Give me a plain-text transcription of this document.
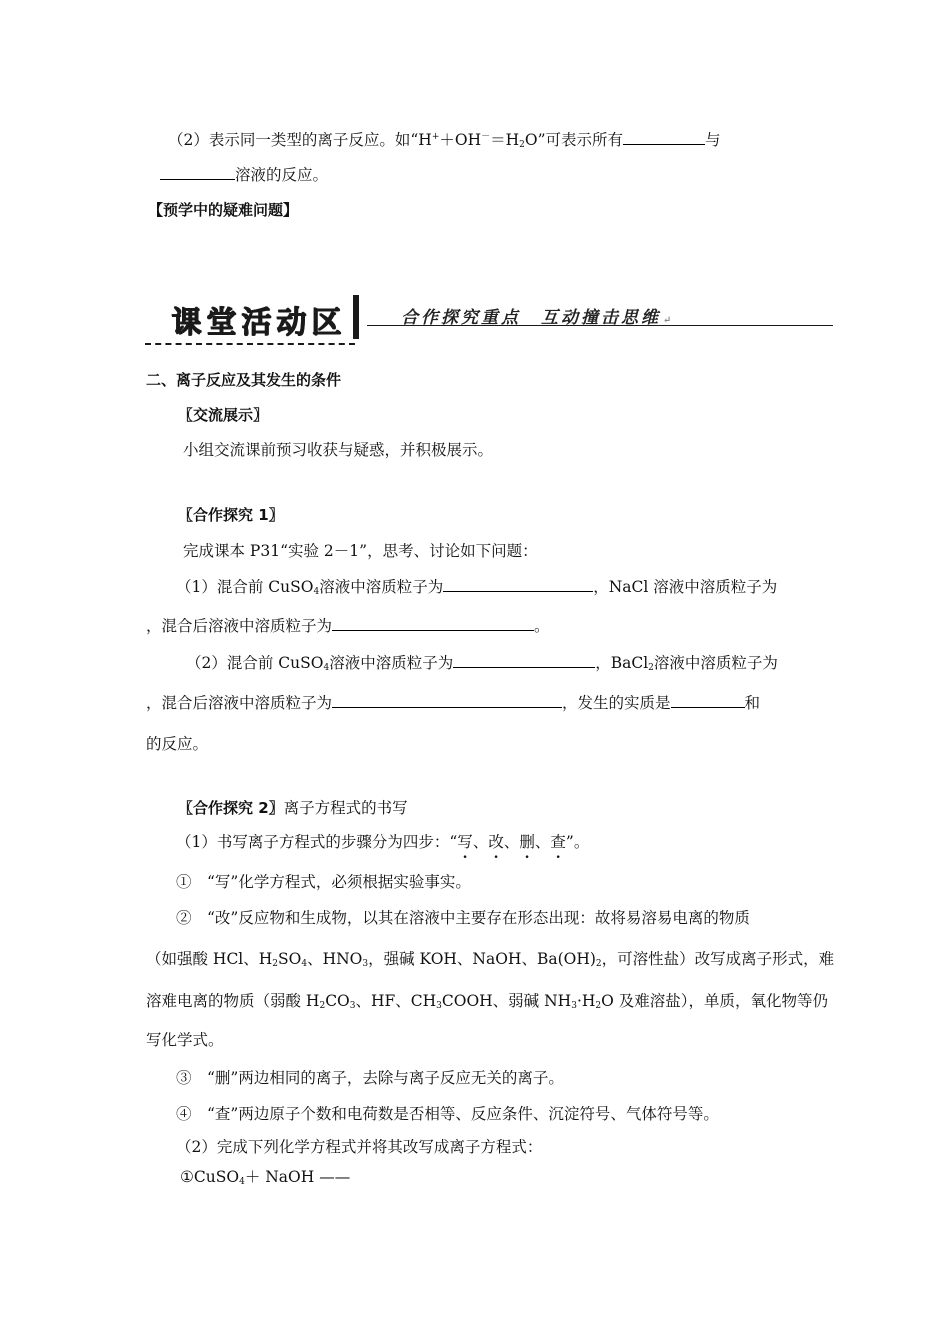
（2）表示同一类型的离子反应。如“$H^++OH^-=H_2O$”可表示所有	与
溶液的反应。
【预学中的疑难问题】
课堂活动区	合作探究重点　互动撞击思维 ↵
二、离子反应及其发生的条件
〖交流展示〗
小组交流课前预习收获与疑惑，并积极展示。
〖合作探究 1〗
完成课本 P31“实验 2－1”，思考、讨论如下问题：
（1）混合前 CuSO$_4$溶液中溶质粒子为	，NaCl 溶液中溶质粒子为
，混合后溶液中溶质粒子为	。
（2）混合前 CuSO$_4$溶液中溶质粒子为	，BaCl$_2$溶液中溶质粒子为
，混合后溶液中溶质粒子为	，发生的实质是	和
的反应。
〖合作探究 2〗离子方程式的书写
（1）书写离子方程式的步骤分为四步：“写、改、删、查”。
①　“写”化学方程式，必须根据实验事实。
②　“改”反应物和生成物，以其在溶液中主要存在形态出现：故将易溶易电离的物质
（如强酸 HCl、$H_2SO_4$、$HNO_3$，强碱 KOH、NaOH、$Ba(OH)_2$，可溶性盐）改写成离子形式，难
溶难电离的物质（弱酸 $H_2CO_3$、HF、$CH_3COOH$、弱碱 $NH_3\cdot H_2O$ 及难溶盐），单质，氧化物等仍
写化学式。
③　“删”两边相同的离子，去除与离子反应无关的离子。
④　“查”两边原子个数和电荷数是否相等、反应条件、沉淀符号、气体符号等。
（2）完成下列化学方程式并将其改写成离子方程式：
①CuSO$_4$＋ NaOH ——
